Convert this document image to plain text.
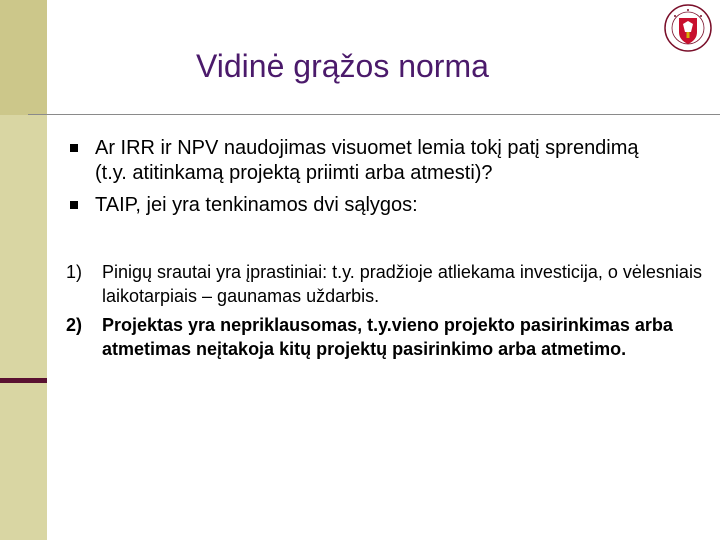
Vidinė grąžos norma
Ar IRR ir NPV naudojimas visuomet lemia tokį patį sprendimą (t.y. atitinkamą projektą priimti arba atmesti)?
TAIP, jei yra tenkinamos dvi sąlygos:
1) Pinigų srautai yra įprastiniai: t.y. pradžioje atliekama investicija, o vėlesniais laikotarpiais – gaunamas uždarbis.
2) Projektas yra nepriklausomas, t.y.vieno projekto pasirinkimas arba atmetimas neįtakoja kitų projektų pasirinkimo arba atmetimo.
